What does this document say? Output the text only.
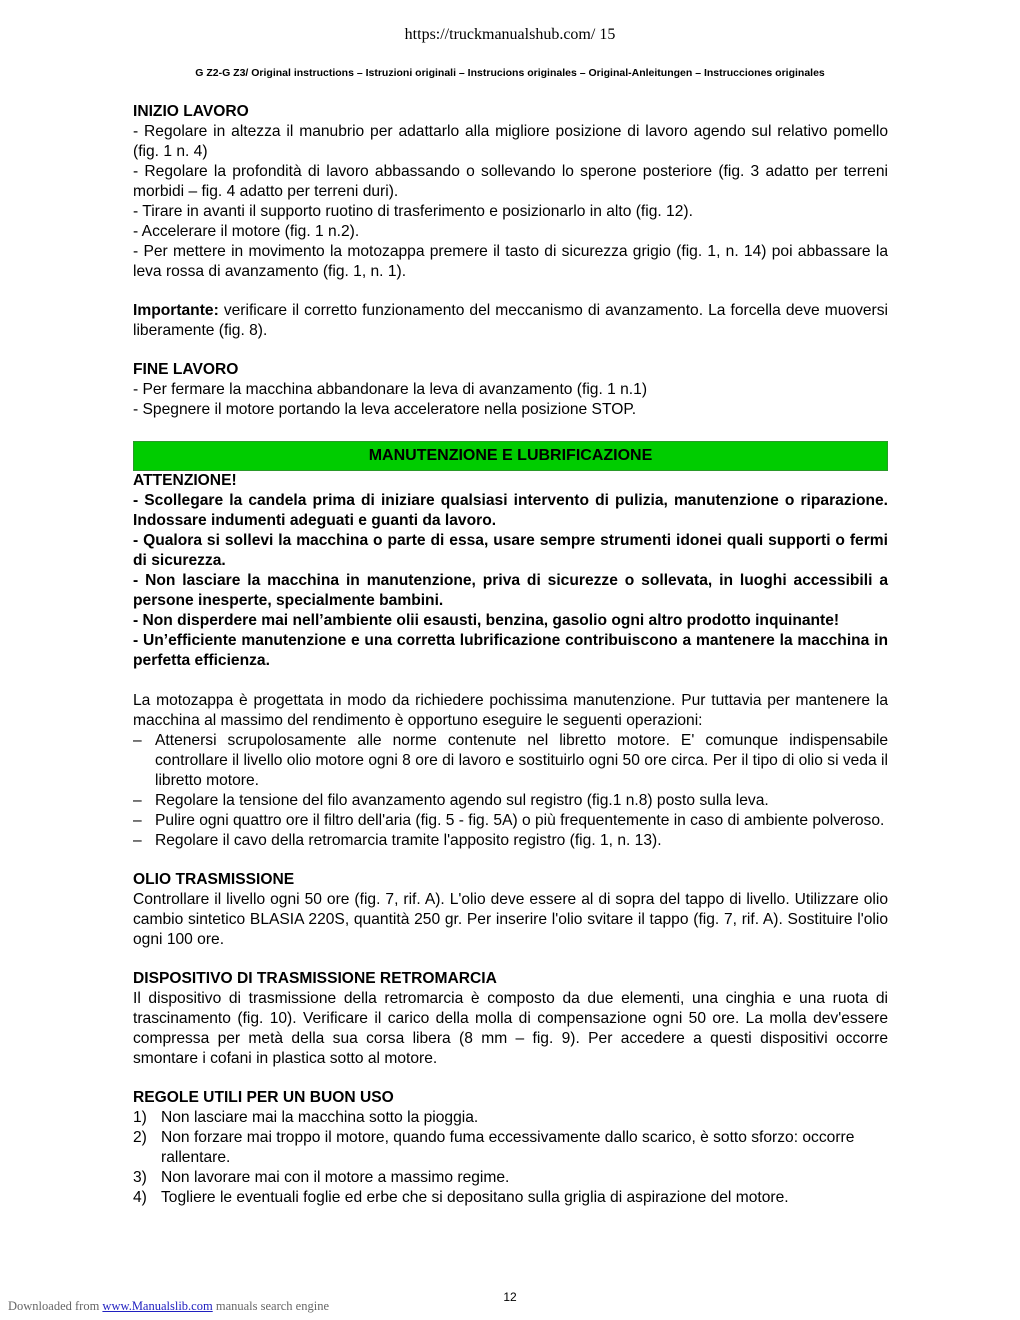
https://truckmanualshub.com/ 15
G Z2-G Z3/ Original instructions – Istruzioni originali – Instrucions originales – Original-Anleitungen – Instrucciones originales

INIZIO LAVORO

- Regolare in altezza il manubrio per adattarlo alla migliore posizione di lavoro agendo sul relativo pomello (fig. 1 n. 4)

- Regolare la profondità di lavoro abbassando o sollevando lo sperone posteriore (fig. 3 adatto per terreni morbidi – fig. 4 adatto per terreni duri).

- Tirare in avanti il supporto ruotino di trasferimento e posizionarlo in alto (fig. 12).

- Accelerare il motore (fig. 1 n.2).

- Per mettere in movimento la motozappa premere il tasto di sicurezza grigio (fig. 1, n. 14) poi abbassare la leva rossa di avanzamento (fig. 1, n. 1).

Importante: verificare il corretto funzionamento del meccanismo di avanzamento. La forcella deve muoversi liberamente (fig. 8).

FINE LAVORO

- Per fermare la macchina abbandonare la leva di avanzamento (fig. 1 n.1)

- Spegnere il motore portando la leva acceleratore nella posizione STOP.

MANUTENZIONE E LUBRIFICAZIONE

ATTENZIONE!

- Scollegare la candela prima di iniziare qualsiasi intervento di pulizia, manutenzione o riparazione. Indossare indumenti adeguati e guanti da lavoro.

- Qualora si sollevi la macchina o parte di essa, usare sempre strumenti idonei quali supporti o fermi di sicurezza.

- Non lasciare la macchina in manutenzione, priva di sicurezze o sollevata, in luoghi accessibili a persone inesperte, specialmente bambini.

- Non disperdere mai nell’ambiente olii esausti, benzina, gasolio ogni altro prodotto inquinante!

- Un’efficiente manutenzione e una corretta lubrificazione contribuiscono a mantenere la macchina in perfetta efficienza.

La motozappa è progettata in modo da richiedere pochissima manutenzione. Pur tuttavia per mantenere la macchina al massimo del rendimento è opportuno eseguire le seguenti operazioni:

– Attenersi scrupolosamente alle norme contenute nel libretto motore. E' comunque indispensabile controllare il livello olio motore ogni 8 ore di lavoro e sostituirlo ogni 50 ore circa. Per il tipo di olio si veda il libretto motore.
– Regolare la tensione del filo avanzamento agendo sul registro (fig.1 n.8) posto sulla leva.
– Pulire ogni quattro ore il filtro dell'aria (fig. 5 - fig. 5A) o più frequentemente in caso di ambiente polveroso.
– Regolare il cavo della retromarcia tramite l'apposito registro (fig. 1, n. 13).

OLIO TRASMISSIONE

Controllare il livello ogni 50 ore (fig. 7, rif. A). L'olio deve essere al di sopra del tappo di livello. Utilizzare olio cambio sintetico BLASIA 220S, quantità 250 gr. Per inserire l'olio svitare il tappo (fig. 7, rif. A). Sostituire l'olio ogni 100 ore.

DISPOSITIVO DI TRASMISSIONE RETROMARCIA

Il dispositivo di trasmissione della retromarcia è composto da due elementi, una cinghia e una ruota di trascinamento (fig. 10). Verificare il carico della molla di compensazione ogni 50 ore. La molla dev'essere compressa per metà della sua corsa libera (8 mm – fig. 9). Per accedere a questi dispositivi occorre smontare i cofani in plastica sotto al motore.

REGOLE UTILI PER UN BUON USO

1) Non lasciare mai la macchina sotto la pioggia.
2) Non forzare mai troppo il motore, quando fuma eccessivamente dallo scarico, è sotto sforzo: occorre rallentare.
3) Non lavorare mai con il motore a massimo regime.
4) Togliere le eventuali foglie ed erbe che si depositano sulla griglia di aspirazione del motore.
12
Downloaded from www.Manualslib.com manuals search engine
